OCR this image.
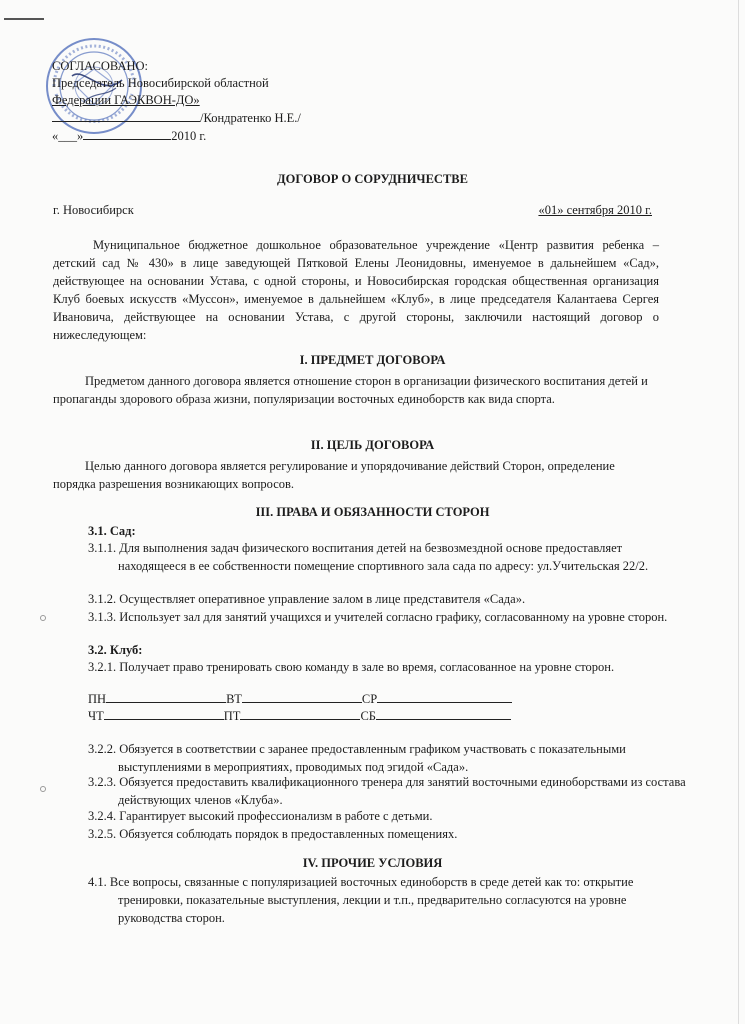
СОГЛАСОВАНО:
Председатель Новосибирской областной
Федерации ГАЭКВОН-ДО»
/Кондратенко Н.Е./
«___»	2010 г.
ДОГОВОР О СОРУДНИЧЕСТВЕ
г. Новосибирск	«01» сентября 2010 г.
Муниципальное бюджетное дошкольное образовательное учреждение «Центр развития ребенка – детский сад № 430» в лице заведующей Пятковой Елены Леонидовны, именуемое в дальнейшем «Сад», действующее на основании Устава, с одной стороны, и Новосибирская городская общественная организация Клуб боевых искусств «Муссон», именуемое в дальнейшем «Клуб», в лице председателя Калантаева Сергея Ивановича, действующее на основании Устава, с другой стороны, заключили настоящий договор о нижеследующем:
I. ПРЕДМЕТ ДОГОВОРА
Предметом данного договора является отношение сторон в организации физического воспитания детей и пропаганды здорового образа жизни, популяризации восточных единоборств как вида спорта.
II. ЦЕЛЬ ДОГОВОРА
Целью данного договора является регулирование и упорядочивание действий Сторон, определение порядка разрешения возникающих вопросов.
III. ПРАВА И ОБЯЗАННОСТИ СТОРОН
3.1. Сад:
3.1.1. Для выполнения задач физического воспитания детей на безвозмездной основе предоставляет находящееся в ее собственности помещение спортивного зала сада по адресу: ул.Учительская 22/2.
3.1.2. Осуществляет оперативное управление залом в лице представителя «Сада».
3.1.3. Использует зал для занятий учащихся и учителей согласно графику, согласованному на уровне сторон.
3.2. Клуб:
3.2.1. Получает право тренировать свою команду в зале во время, согласованное на уровне сторон.
ПН	ВТ	СР
ЧТ	ПТ	СБ
3.2.2. Обязуется в соответствии с заранее предоставленным графиком участвовать с показательными выступлениями в мероприятиях, проводимых под эгидой «Сада».
3.2.3. Обязуется предоставить квалификационного тренера для занятий восточными единоборствами из состава действующих членов «Клуба».
3.2.4. Гарантирует высокий профессионализм в работе с детьми.
3.2.5. Обязуется соблюдать порядок в предоставленных помещениях.
IV. ПРОЧИЕ УСЛОВИЯ
4.1. Все вопросы, связанные с популяризацией восточных единоборств в среде детей как то: открытие тренировки, показательные выступления, лекции и т.п., предварительно согласуются на уровне руководства сторон.
